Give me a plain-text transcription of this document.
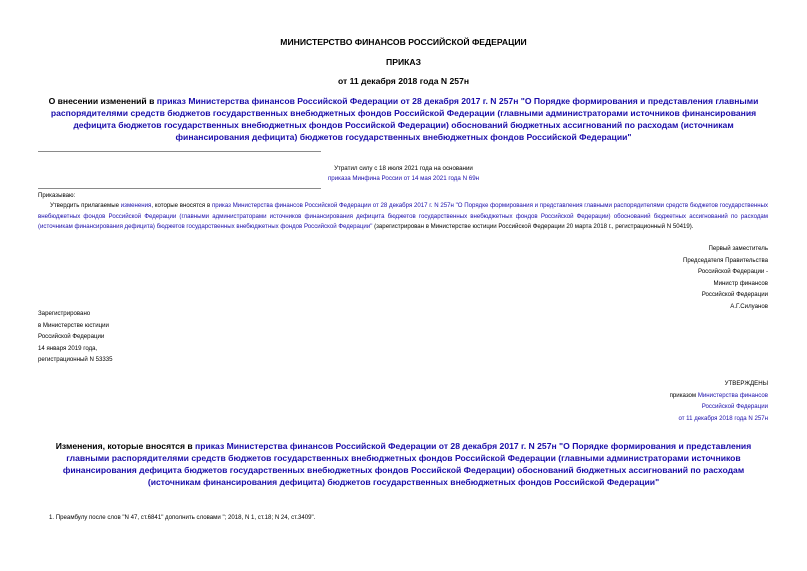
МИНИСТЕРСТВО ФИНАНСОВ РОССИЙСКОЙ ФЕДЕРАЦИИ
ПРИКАЗ
от 11 декабря 2018 года N 257н
О внесении изменений в приказ Министерства финансов Российской Федерации от 28 декабря 2017 г. N 257н "О Порядке формирования и представления главными распорядителями средств бюджетов государственных внебюджетных фондов Российской Федерации (главными администраторами источников финансирования дефицита бюджетов государственных внебюджетных фондов Российской Федерации) обоснований бюджетных ассигнований по расходам (источникам финансирования дефицита) бюджетов государственных внебюджетных фондов Российской Федерации"
Утратил силу с 18 июля 2021 года на основании
приказа Минфина России от 14 мая 2021 года N 69н
Приказываю:
Утвердить прилагаемые изменения, которые вносятся в приказ Министерства финансов Российской Федерации от 28 декабря 2017 г. N 257н "О Порядке формирования и представления главными распорядителями средств бюджетов государственных внебюджетных фондов Российской Федерации (главными администраторами источников финансирования дефицита бюджетов государственных внебюджетных фондов Российской Федерации) обоснований бюджетных ассигнований по расходам (источникам финансирования дефицита) бюджетов государственных внебюджетных фондов Российской Федерации" (зарегистрирован в Министерстве юстиции Российской Федерации 20 марта 2018 г., регистрационный N 50419).
Первый заместитель
Председателя Правительства
Российской Федерации -
Министр финансов
Российской Федерации
А.Г.Силуанов
Зарегистрировано
в Министерстве юстиции
Российской Федерации
14 января 2019 года,
регистрационный N 53335
УТВЕРЖДЕНЫ
приказом Министерства финансов
Российской Федерации
от 11 декабря 2018 года N 257н
Изменения, которые вносятся в приказ Министерства финансов Российской Федерации от 28 декабря 2017 г. N 257н "О Порядке формирования и представления главными распорядителями средств бюджетов государственных внебюджетных фондов Российской Федерации (главными администраторами источников финансирования дефицита бюджетов государственных внебюджетных фондов Российской Федерации) обоснований бюджетных ассигнований по расходам (источникам финансирования дефицита) бюджетов государственных внебюджетных фондов Российской Федерации"
1. Преамбулу после слов "N 47, ст.6841" дополнить словами "; 2018, N 1, ст.18; N 24, ст.3409".
